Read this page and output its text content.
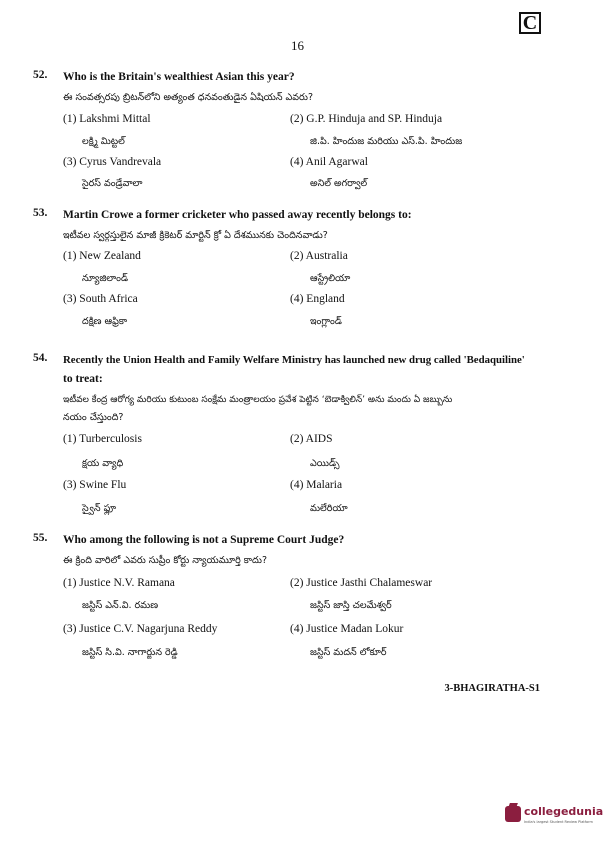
C
16
52. Who is the Britain's wealthiest Asian this year?
ఈ సంవత్సరపు బ్రిటన్‌లోని అత్యంత ధనవంతుడైన ఏషియన్ ఎవరు?
(1) Lakshmi Mittal
లక్ష్మి మిట్టల్
(2) G.P. Hinduja and SP. Hinduja
జి.పి. హిందుజ మరియు ఎస్.పి. హిందుజ
(3) Cyrus Vandrevala
సైరస్ వండ్రేవాలా
(4) Anil Agarwal
అనిల్ అగర్వాల్
53. Martin Crowe a former cricketer who passed away recently belongs to:
ఇటీవల స్వర్గస్తులైన మాజీ క్రికెటర్ మార్టిన్ క్రో ఏ దేశమునకు చెందినవాడు?
(1) New Zealand
న్యూజిలాండ్
(2) Australia
ఆస్ట్రేలియా
(3) South Africa
దక్షిణ ఆఫ్రికా
(4) England
ఇంగ్లాండ్
54. Recently the Union Health and Family Welfare Ministry has launched new drug called 'Bedaquiline'
to treat:
ఇటీవల కేంద్ర ఆరోగ్య మరియు కుటుంబ సంక్షేమ మంత్రాలయం ప్రవేశ పెట్టిన ‘బెడాక్విలిన్’ అను మందు ఏ జబ్బును
నయం చేస్తుంది?
(1) Turberculosis
క్షయ వ్యాధి
(2) AIDS
ఎయిడ్స్
(3) Swine Flu
స్వైన్ ఫ్లూ
(4) Malaria
మలేరియా
55. Who among the following is not a Supreme Court Judge?
ఈ క్రింది వారిలో ఎవరు సుప్రీం కోర్టు న్యాయమూర్తి కాదు?
(1) Justice N.V. Ramana
జస్టిస్ ఎన్.వి. రమణ
(2) Justice Jasthi Chalameswar
జస్టిస్ జాస్తి చలమేశ్వర్
(3) Justice C.V. Nagarjuna Reddy
జస్టిస్ సి.వి. నాగార్జున రెడ్డి
(4) Justice Madan Lokur
జస్టిస్ మదన్ లోకూర్
3-BHAGIRATHA-S1
collegedunia
India's largest Student Review Platform
